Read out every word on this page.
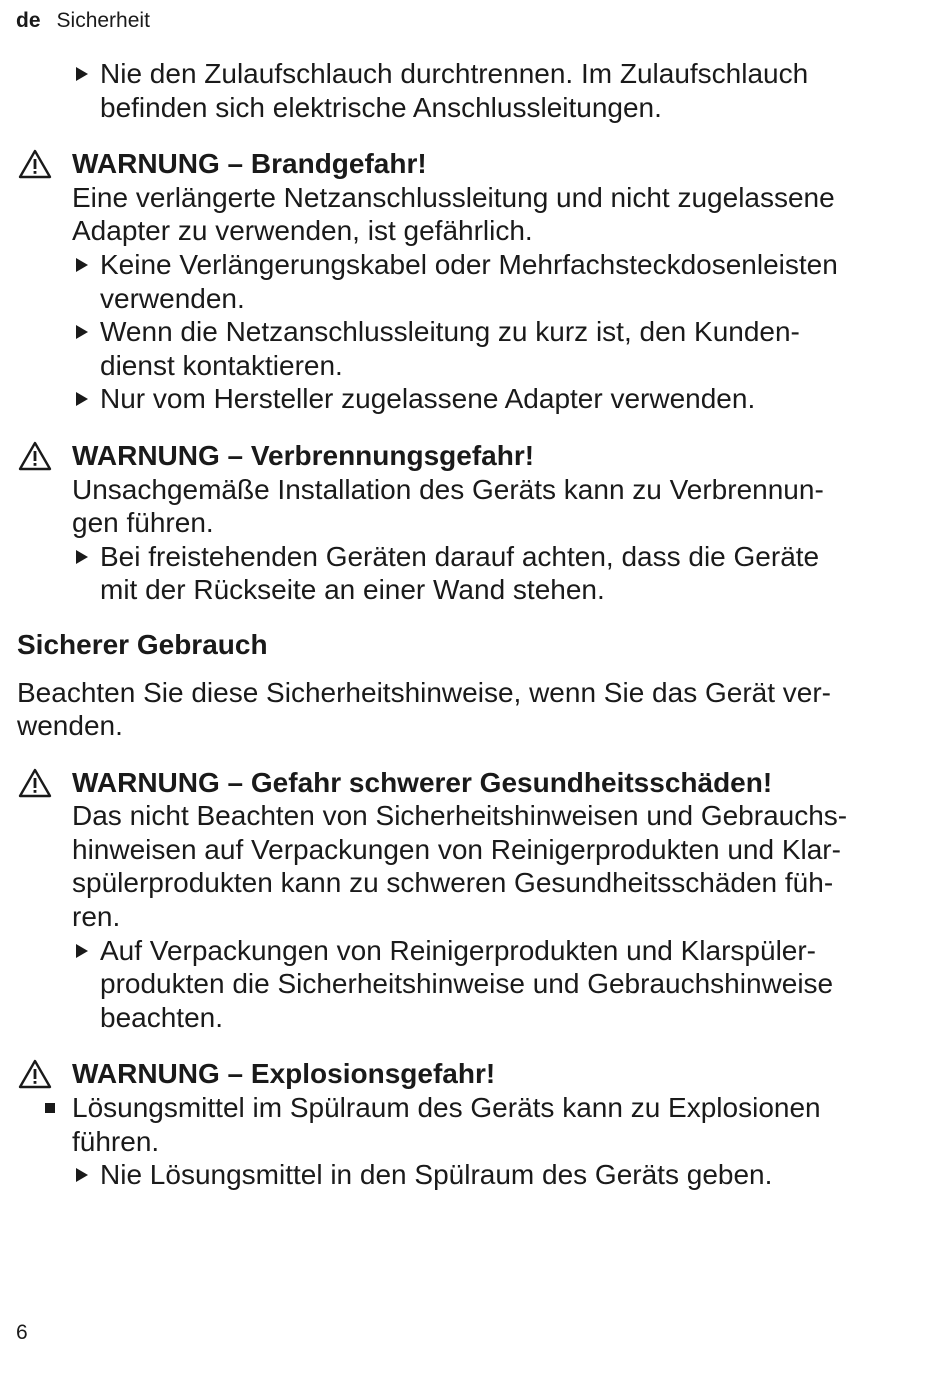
de Sicherheit
Nie den Zulaufschlauch durchtrennen. Im Zulaufschlauch
befinden sich elektrische Anschlussleitungen.
WARNUNG – Brandgefahr!
Eine verlängerte Netzanschlussleitung und nicht zugelassene
Adapter zu verwenden, ist gefährlich.
Keine Verlängerungskabel oder Mehrfachsteckdosenleisten
verwenden.
Wenn die Netzanschlussleitung zu kurz ist, den Kunden-
dienst kontaktieren.
Nur vom Hersteller zugelassene Adapter verwenden.
WARNUNG – Verbrennungsgefahr!
Unsachgemäße Installation des Geräts kann zu Verbrennun-
gen führen.
Bei freistehenden Geräten darauf achten, dass die Geräte
mit der Rückseite an einer Wand stehen.
Sicherer Gebrauch
Beachten Sie diese Sicherheitshinweise, wenn Sie das Gerät ver-
wenden.
WARNUNG – Gefahr schwerer Gesundheitsschäden!
Das nicht Beachten von Sicherheitshinweisen und Gebrauchs-
hinweisen auf Verpackungen von Reinigerprodukten und Klar-
spülerprodukten kann zu schweren Gesundheitsschäden füh-
ren.
Auf Verpackungen von Reinigerprodukten und Klarspüler-
produkten die Sicherheitshinweise und Gebrauchshinweise
beachten.
WARNUNG – Explosionsgefahr!
Lösungsmittel im Spülraum des Geräts kann zu Explosionen
führen.
Nie Lösungsmittel in den Spülraum des Geräts geben.
6
